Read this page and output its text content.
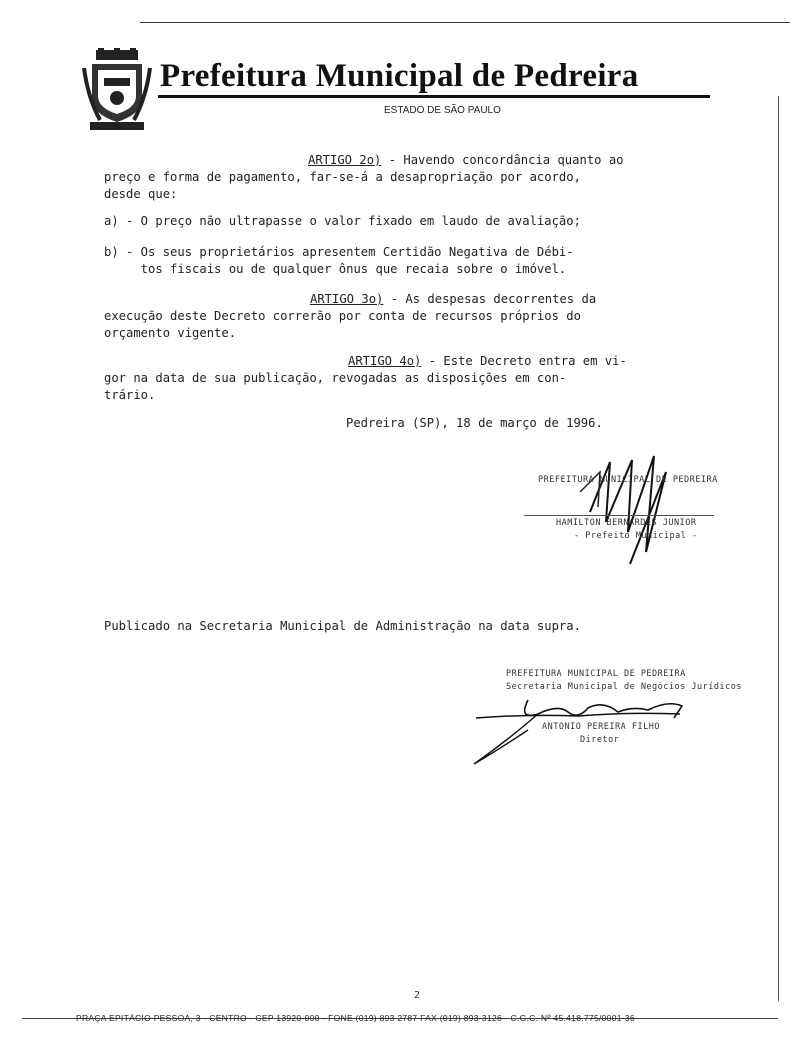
Prefeitura Municipal de Pedreira
ESTADO DE SÃO PAULO
ARTIGO 2o) - Havendo concordância quanto ao
preço e forma de pagamento, far-se-á a desapropriação por acordo,
desde que:
a) - O preço não ultrapasse o valor fixado em laudo de avaliação;
b) - Os seus proprietários apresentem Certidão Negativa de Débi-
tos fiscais ou de qualquer ônus que recaia sobre o imóvel.
ARTIGO 3o) - As despesas decorrentes da
execução deste Decreto correrão por conta de recursos próprios do
orçamento vigente.
ARTIGO 4o) - Este Decreto entra em vi-
gor na data de sua publicação, revogadas as disposições em con-
trário.
Pedreira (SP), 18 de março de 1996.
PREFEITURA MUNICIPAL DE PEDREIRA
HAMILTON BERNARDES JUNIOR
- Prefeito Municipal -
Publicado na Secretaria Municipal de Administração na data supra.
PREFEITURA MUNICIPAL DE PEDREIRA
Secretaria Municipal de Negócios Jurídicos
ANTONIO PEREIRA FILHO
Diretor
2
PRAÇA EPITÁCIO PESSOA, 3 - CENTRO - CEP 13920-000 - FONE (019) 893 2787 FAX (019) 893-3126 - C.G.C. Nº 45.418.775/0001-36
